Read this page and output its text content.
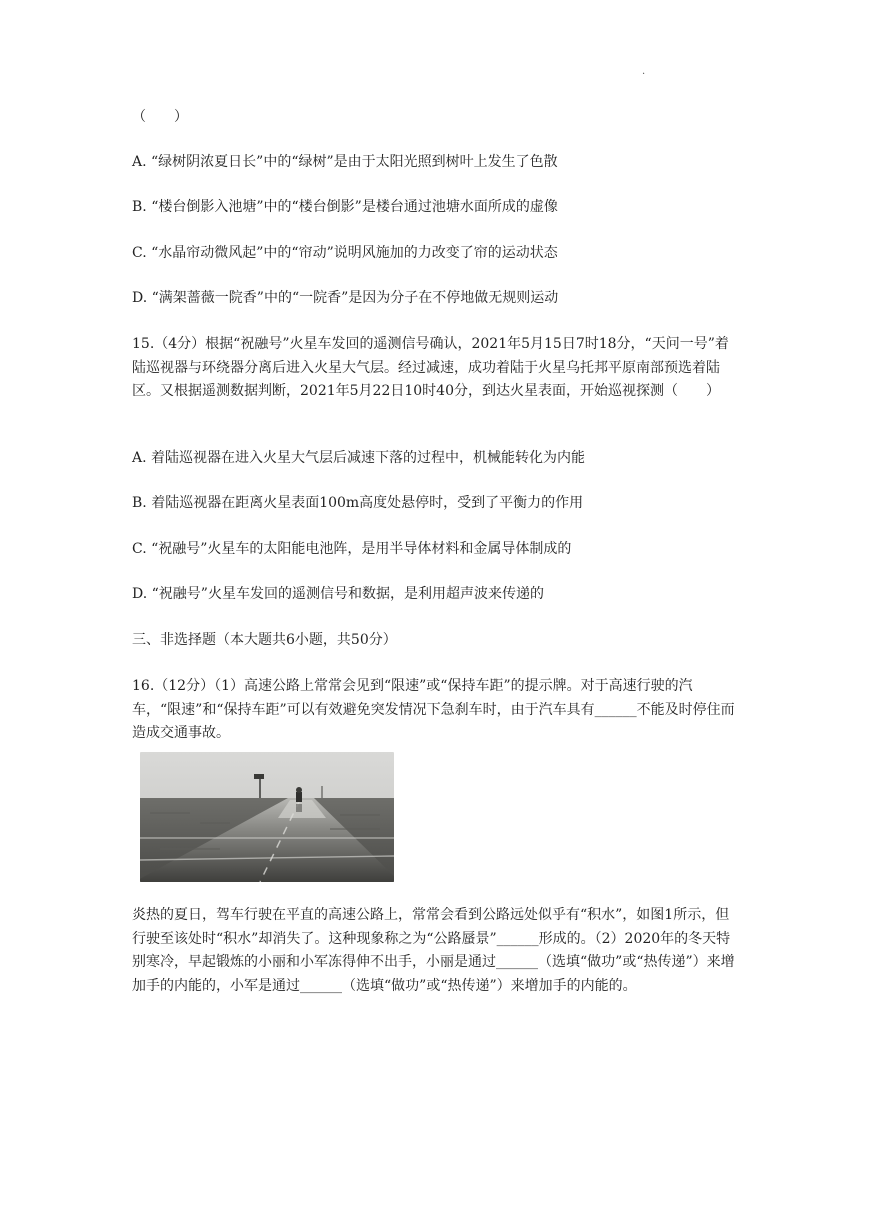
.
（　　）
A. “绿树阴浓夏日长”中的“绿树”是由于太阳光照到树叶上发生了色散
B. “楼台倒影入池塘”中的“楼台倒影”是楼台通过池塘水面所成的虚像
C. “水晶帘动微风起”中的“帘动”说明风施加的力改变了帘的运动状态
D. “满架蔷薇一院香”中的“一院香”是因为分子在不停地做无规则运动
15.（4分）根据“祝融号”火星车发回的遥测信号确认，2021年5月15日7时18分，“天问一号”着陆巡视器与环绕器分离后进入火星大气层。经过减速，成功着陆于火星乌托邦平原南部预选着陆区。又根据遥测数据判断，2021年5月22日10时40分，到达火星表面，开始巡视探测（　　）
A. 着陆巡视器在进入火星大气层后减速下落的过程中，机械能转化为内能
B. 着陆巡视器在距离火星表面100m高度处悬停时，受到了平衡力的作用
C. “祝融号”火星车的太阳能电池阵，是用半导体材料和金属导体制成的
D. “祝融号”火星车发回的遥测信号和数据，是利用超声波来传递的
三、非选择题（本大题共6小题，共50分）
16.（12分）（1）高速公路上常常会见到“限速”或“保持车距”的提示牌。对于高速行驶的汽车，“限速”和“保持车距”可以有效避免突发情况下急刹车时，由于汽车具有______不能及时停住而造成交通事故。
炎热的夏日，驾车行驶在平直的高速公路上，常常会看到公路远处似乎有“积水”，如图1所示，但行驶至该处时“积水”却消失了。这种现象称之为“公路蜃景”______形成的。（2）2020年的冬天特别寒冷，早起锻炼的小丽和小军冻得伸不出手，小丽是通过______（选填“做功”或“热传递”）来增加手的内能的，小军是通过______（选填“做功”或“热传递”）来增加手的内能的。
